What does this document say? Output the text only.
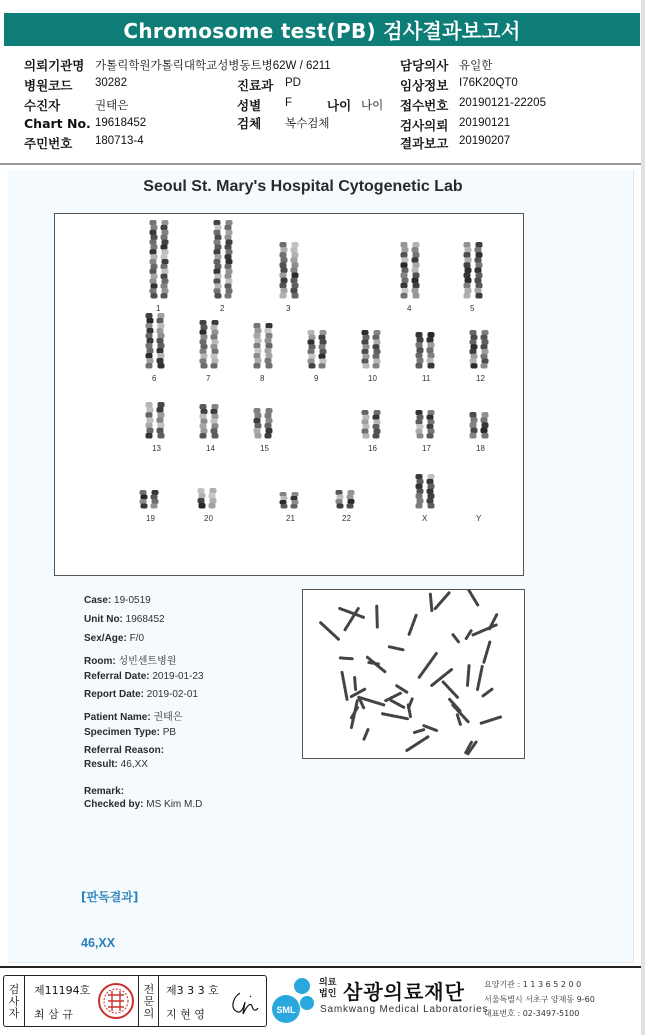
Chromosome test(PB) 검사결과보고서
의뢰기관명 가톨릭학원가톨릭대학교성병동트병62W / 6211	담당의사 유일한
병원코드 30282	진료과 PD	임상정보 I76K20QT0
수진자	권태은	성별 F	나이 나이 접수번호 20190121-22205
Chart No. 19618452	검체 복수검체	검사의뢰 20190121
주민번호 180713-4	결과보고 20190207
Seoul St. Mary's Hospital Cytogenetic Lab
1	2	3	4	5
6	7	8	9	10	11	12
13	14	15	16	17	18
19	20	21	22	X	Y
Case: 19-0519
Unit No: 1968452
Sex/Age: F/0
Room: 성빈센트병원
Referral Date: 2019-01-23
Report Date: 2019-02-01
Patient Name: 권태은
Specimen Type: PB
Referral Reason:
Result: 46,XX
Remark:
Checked by: MS Kim M.D
[판독결과]
46,XX
검
사
자
제11194호
최 삼 규
전
문
의
제3 3 3 호
지 현 영	SML
의료법인 삼광의료재단
Samkwang Medical Laboratories
요양기관 : 1 1 3 6 5 2 0 0
서울특별시 서초구 양재동 9-60
대표번호 : 02-3497-5100
